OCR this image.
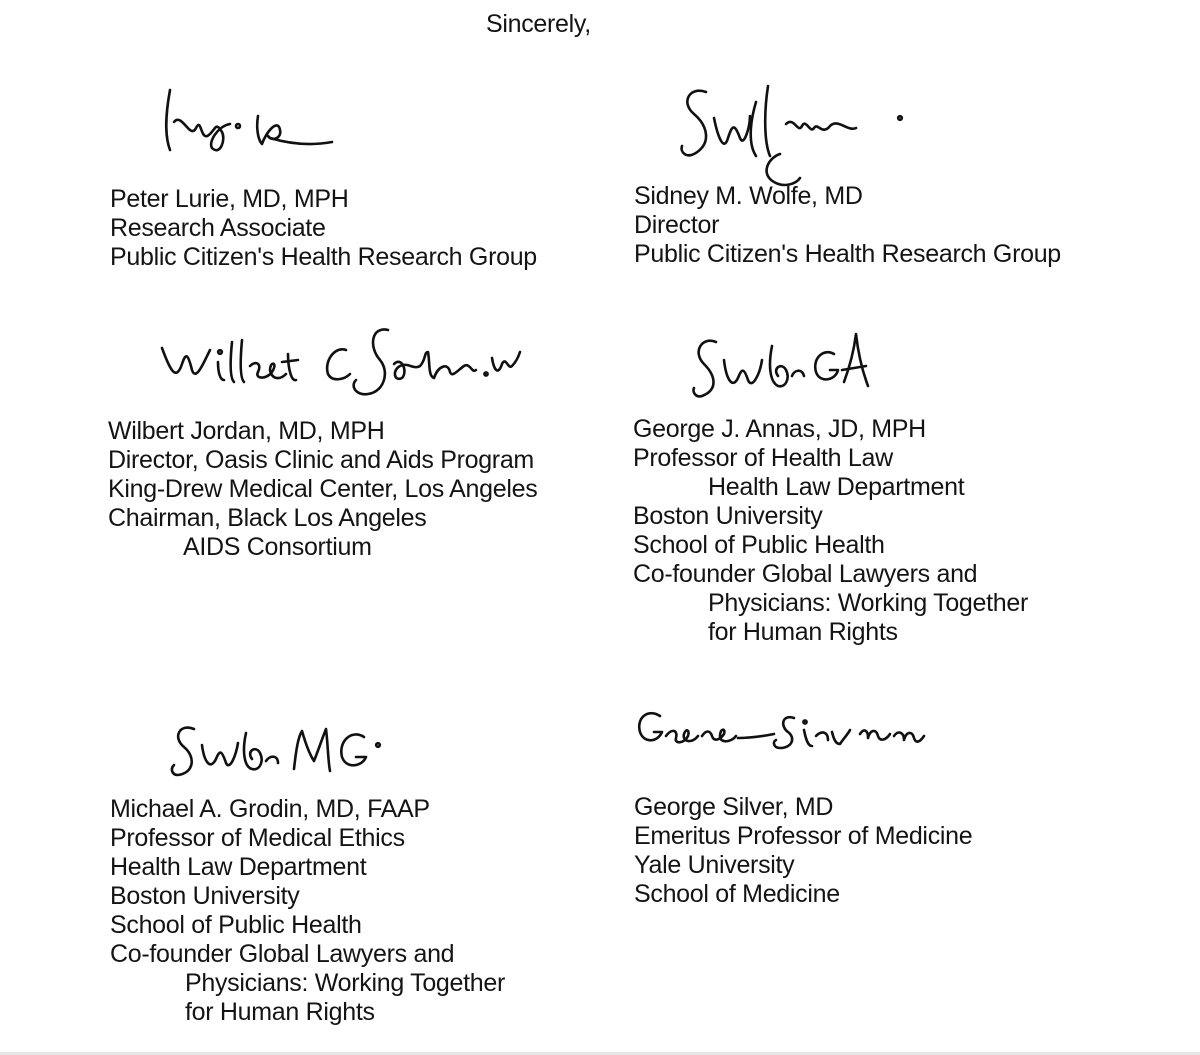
Sincerely,
Peter Lurie, MD, MPH
Research Associate
Public Citizen's Health Research Group
Sidney M. Wolfe, MD
Director
Public Citizen's Health Research Group
Wilbert Jordan, MD, MPH
Director, Oasis Clinic and Aids Program
King-Drew Medical Center, Los Angeles
Chairman, Black Los Angeles
AIDS Consortium
George J. Annas, JD, MPH
Professor of Health Law
Health Law Department
Boston University
School of Public Health
Co-founder Global Lawyers and
Physicians: Working Together
for Human Rights
Michael A. Grodin, MD, FAAP
Professor of Medical Ethics
Health Law Department
Boston University
School of Public Health
Co-founder Global Lawyers and
Physicians: Working Together
for Human Rights
George Silver, MD
Emeritus Professor of Medicine
Yale University
School of Medicine
